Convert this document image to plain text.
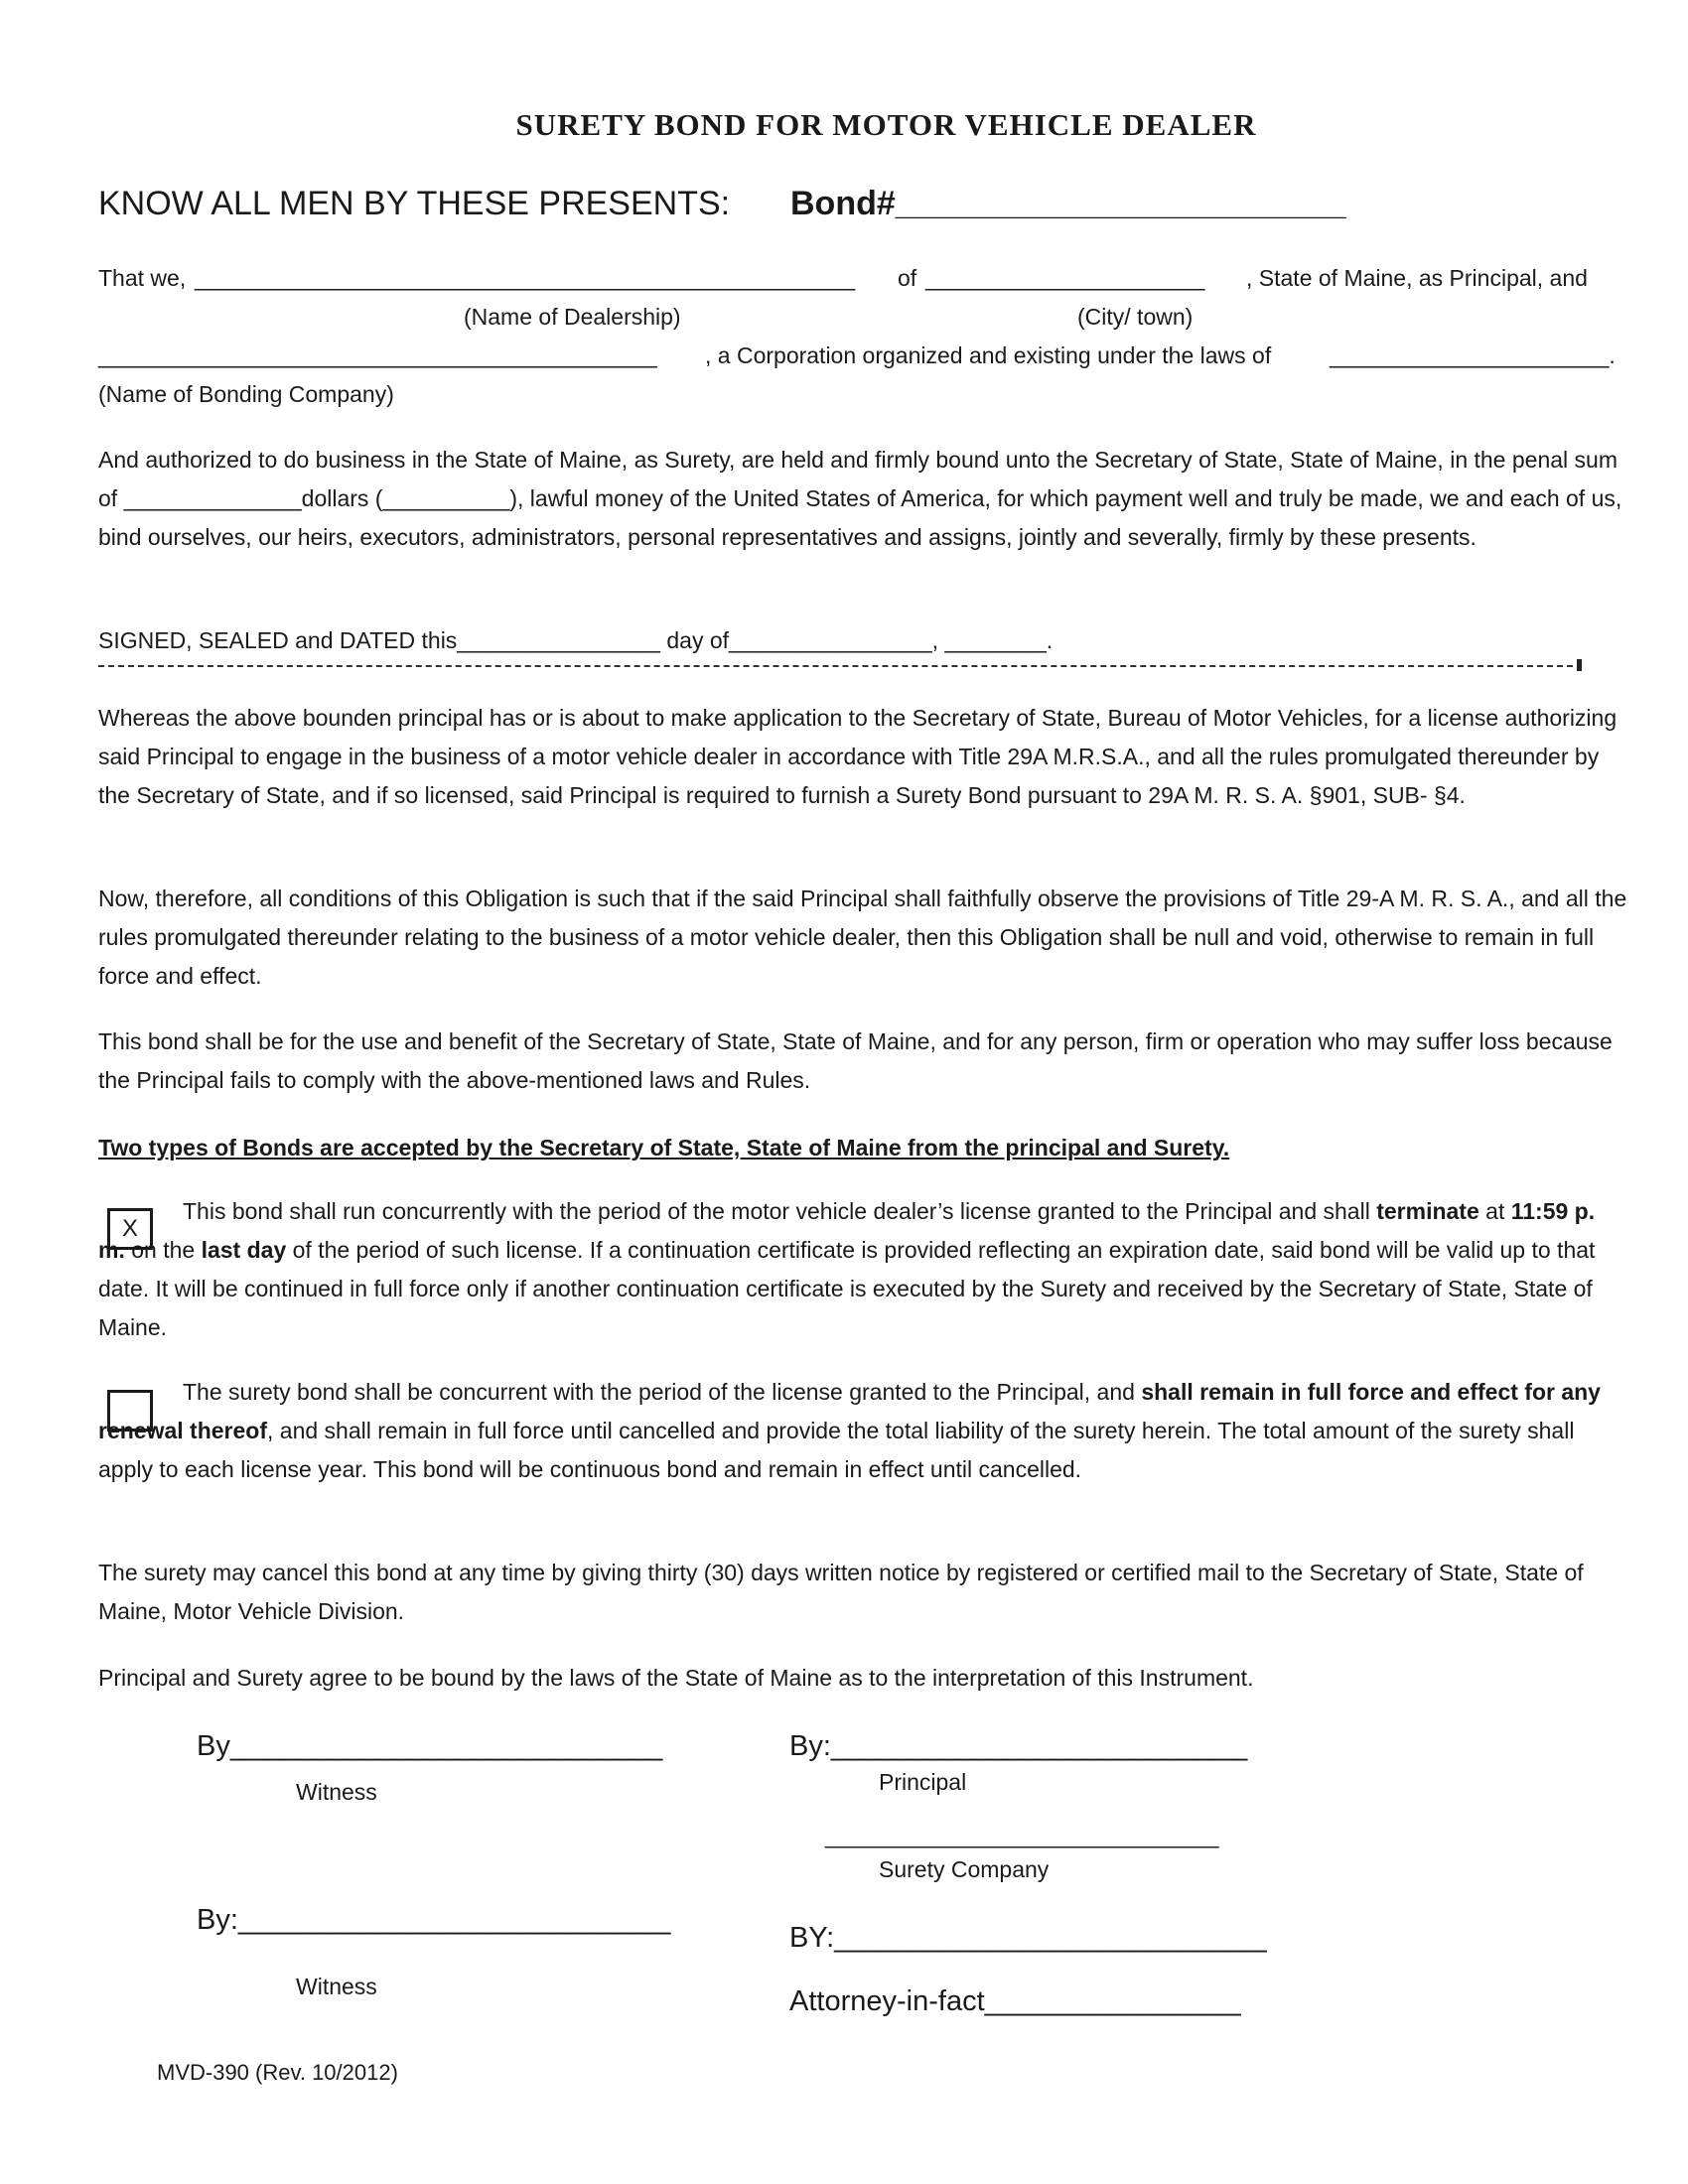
SURETY BOND FOR MOTOR VEHICLE DEALER
KNOW ALL MEN BY THESE PRESENTS: Bond#________________________
That we, ____________________________________________________ of ______________________ , State of Maine, as Principal, and
(Name of Dealership)	(City/ town)
____________________________________________ , a Corporation organized and existing under the laws of	______________________.
(Name of Bonding Company)
And authorized to do business in the State of Maine, as Surety, are held and firmly bound unto the Secretary of State, State of Maine, in the penal sum of ______________dollars (__________), lawful money of the United States of America, for which payment well and truly be made, we and each of us, bind ourselves, our heirs, executors, administrators, personal representatives and assigns, jointly and severally, firmly by these presents.
SIGNED, SEALED and DATED this________________ day of________________, ________.
Whereas the above bounden principal has or is about to make application to the Secretary of State, Bureau of Motor Vehicles, for a license authorizing said Principal to engage in the business of a motor vehicle dealer in accordance with Title 29A M.R.S.A., and all the rules promulgated thereunder by the Secretary of State, and if so licensed, said Principal is required to furnish a Surety Bond pursuant to 29A M. R. S. A. §901, SUB- §4.
Now, therefore, all conditions of this Obligation is such that if the said Principal shall faithfully observe the provisions of Title 29-A M. R. S. A., and all the rules promulgated thereunder relating to the business of a motor vehicle dealer, then this Obligation shall be null and void, otherwise to remain in full force and effect.
This bond shall be for the use and benefit of the Secretary of State, State of Maine, and for any person, firm or operation who may suffer loss because the Principal fails to comply with the above-mentioned laws and Rules.
Two types of Bonds are accepted by the Secretary of State, State of Maine from the principal and Surety.
X
This bond shall run concurrently with the period of the motor vehicle dealer’s license granted to the Principal and shall terminate at 11:59 p. m. on the last day of the period of such license. If a continuation certificate is provided reflecting an expiration date, said bond will be valid up to that date. It will be continued in full force only if another continuation certificate is executed by the Surety and received by the Secretary of State, State of Maine.
The surety bond shall be concurrent with the period of the license granted to the Principal, and shall remain in full force and effect for any renewal thereof, and shall remain in full force until cancelled and provide the total liability of the surety herein. The total amount of the surety shall apply to each license year. This bond will be continuous bond and remain in effect until cancelled.
The surety may cancel this bond at any time by giving thirty (30) days written notice by registered or certified mail to the Secretary of State, State of Maine, Motor Vehicle Division.
Principal and Surety agree to be bound by the laws of the State of Maine as to the interpretation of this Instrument.
By___________________________
Witness
By:__________________________
Principal
_______________________________
Surety Company
By:___________________________
Witness
BY:___________________________
Attorney-in-fact________________
MVD-390 (Rev. 10/2012)
